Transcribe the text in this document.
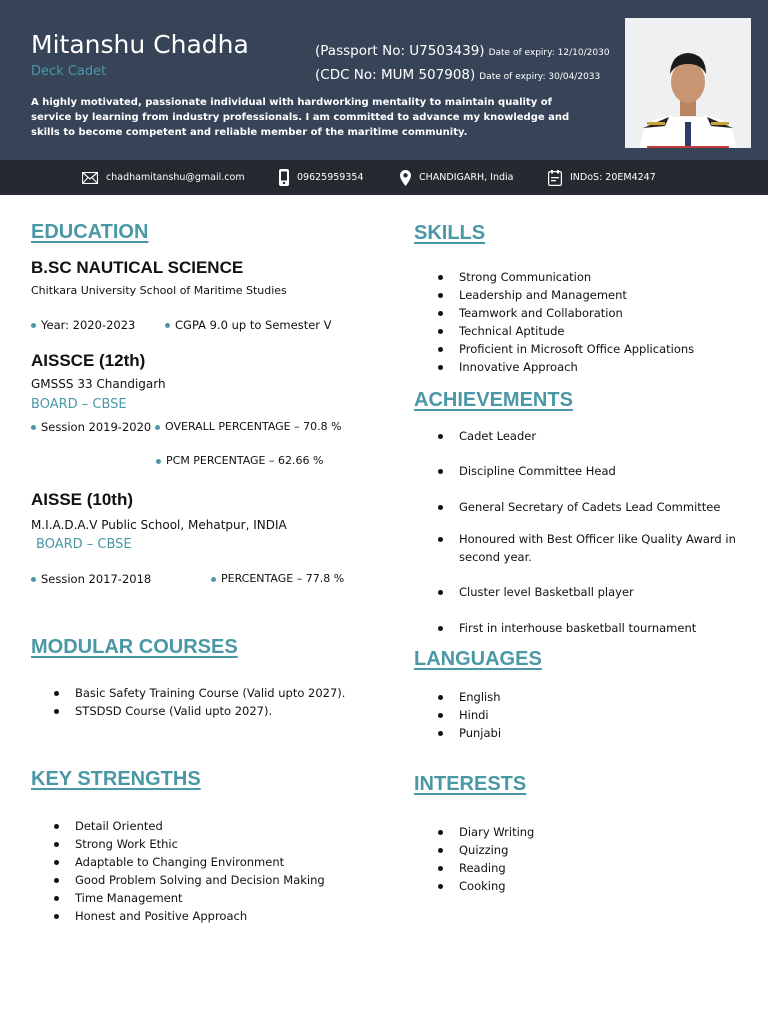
Mitanshu Chadha
Deck Cadet
(Passport No: U7503439) Date of expiry: 12/10/2030
(CDC No: MUM 507908) Date of expiry: 30/04/2033
A highly motivated, passionate individual with hardworking mentality to maintain quality of service by learning from industry professionals. I am committed to advance my knowledge and skills to become competent and reliable member of the maritime community.
chadhamitanshu@gmail.com	09625959354	CHANDIGARH, India	INDoS: 20EM4247
EDUCATION
B.SC NAUTICAL SCIENCE
Chitkara University School of Maritime Studies
Year: 2020-2023	CGPA 9.0 up to Semester V
AISSCE (12th)
GMSSS 33 Chandigarh
BOARD – CBSE
Session 2019-2020	OVERALL PERCENTAGE – 70.8 %
PCM PERCENTAGE – 62.66 %
AISSE (10th)
M.I.A.D.A.V Public School, Mehatpur, INDIA
BOARD – CBSE
Session 2017-2018	PERCENTAGE – 77.8 %
MODULAR COURSES
Basic Safety Training Course (Valid upto 2027).
STSDSD Course (Valid upto 2027).
KEY STRENGTHS
Detail Oriented
Strong Work Ethic
Adaptable to Changing Environment
Good Problem Solving and Decision Making
Time Management
Honest and Positive Approach
SKILLS
Strong Communication
Leadership and Management
Teamwork and Collaboration
Technical Aptitude
Proficient in Microsoft Office Applications
Innovative Approach
ACHIEVEMENTS
Cadet Leader
Discipline Committee Head
General Secretary of Cadets Lead Committee
Honoured with Best Officer like Quality Award in second year.
Cluster level Basketball player
First in interhouse basketball tournament
LANGUAGES
English
Hindi
Punjabi
INTERESTS
Diary Writing
Quizzing
Reading
Cooking
